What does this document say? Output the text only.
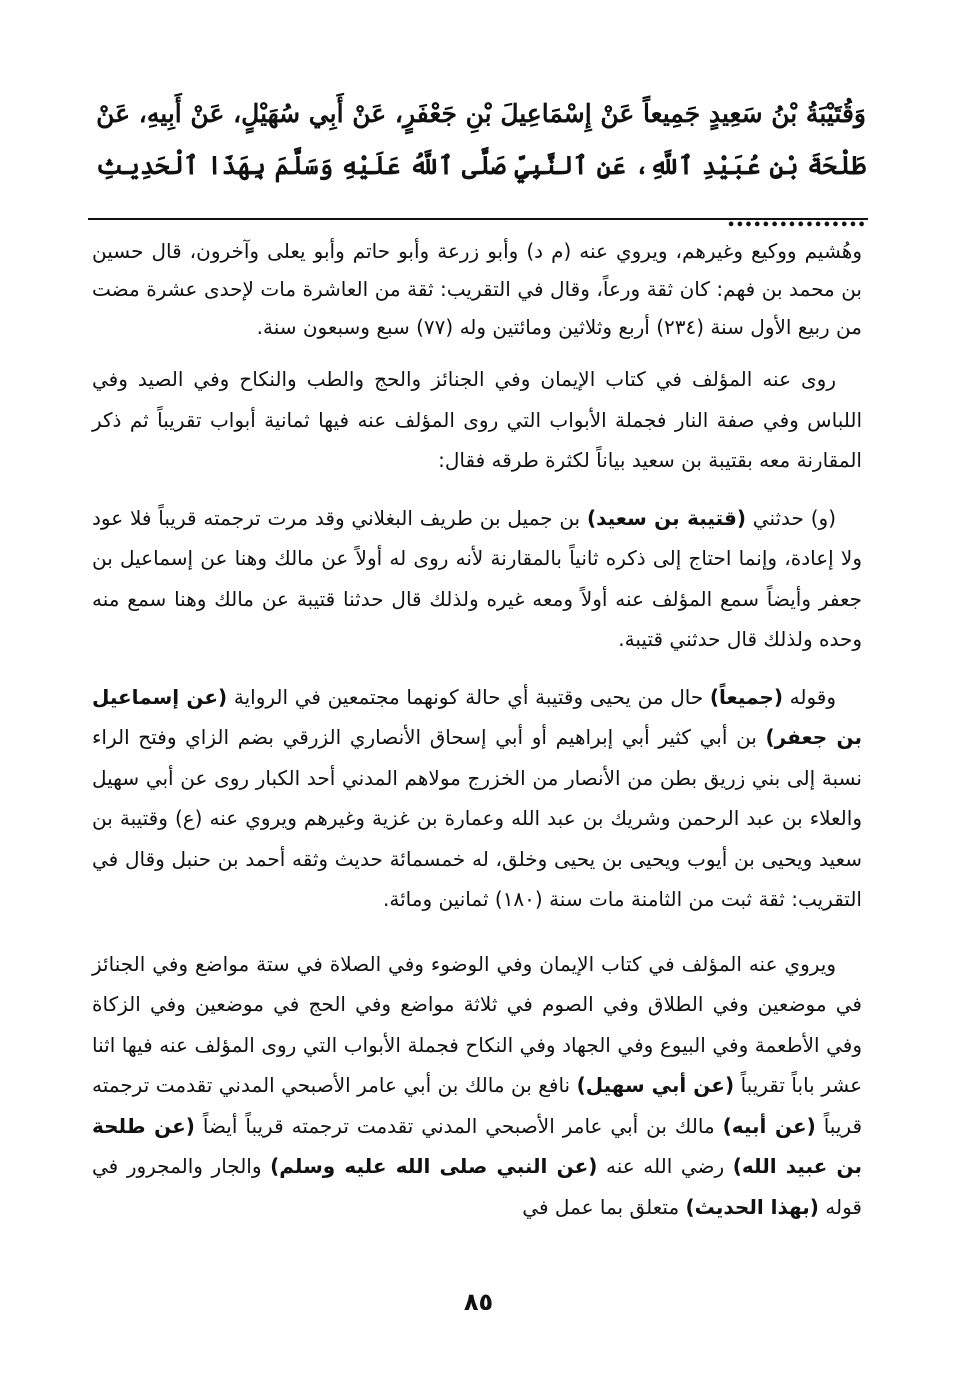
وَقُتَيْبَةُ بْنُ سَعِيدٍ جَمِيعاً عَنْ إِسْمَاعِيلَ بْنِ جَعْفَرٍ، عَنْ أَبِي سُهَيْلٍ، عَنْ أَبِيهِ، عَنْ
طَلْحَةَ بْنِ عُبَيْدِ ٱللَّهِ، عَنِ ٱلنَّبِيِّ صَلَّى ٱللَّهُ عَلَيْهِ وَسَلَّمَ بِهَذَا ٱلْحَدِيثِ ................

وهُشيم ووكيع وغيرهم، ويروي عنه (م د) وأبو زرعة وأبو حاتم وأبو يعلى وآخرون، قال حسين بن محمد بن فهم: كان ثقة ورعاً، وقال في التقريب: ثقة من العاشرة مات لإحدى عشرة مضت من ربيع الأول سنة (٢٣٤) أربع وثلاثين ومائتين وله (٧٧) سبع وسبعون سنة.

روى عنه المؤلف في كتاب الإيمان وفي الجنائز والحج والطب والنكاح وفي الصيد وفي اللباس وفي صفة النار فجملة الأبواب التي روى المؤلف عنه فيها ثمانية أبواب تقريباً ثم ذكر المقارنة معه بقتيبة بن سعيد بياناً لكثرة طرقه فقال:

(و) حدثني (قتيبة بن سعيد) بن جميل بن طريف البغلاني وقد مرت ترجمته قريباً فلا عود ولا إعادة، وإنما احتاج إلى ذكره ثانياً بالمقارنة لأنه روى له أولاً عن مالك وهنا عن إسماعيل بن جعفر وأيضاً سمع المؤلف عنه أولاً ومعه غيره ولذلك قال حدثنا قتيبة عن مالك وهنا سمع منه وحده ولذلك قال حدثني قتيبة.

وقوله (جميعاً) حال من يحيى وقتيبة أي حالة كونهما مجتمعين في الرواية (عن إسماعيل بن جعفر) بن أبي كثير أبي إبراهيم أو أبي إسحاق الأنصاري الزرقي بضم الزاي وفتح الراء نسبة إلى بني زريق بطن من الأنصار من الخزرج مولاهم المدني أحد الكبار روى عن أبي سهيل والعلاء بن عبد الرحمن وشريك بن عبد الله وعمارة بن غزية وغيرهم ويروي عنه (ع) وقتيبة بن سعيد ويحيى بن أيوب ويحيى بن يحيى وخلق، له خمسمائة حديث وثقه أحمد بن حنبل وقال في التقريب: ثقة ثبت من الثامنة مات سنة (١٨٠) ثمانين ومائة.

ويروي عنه المؤلف في كتاب الإيمان وفي الوضوء وفي الصلاة في ستة مواضع وفي الجنائز في موضعين وفي الطلاق وفي الصوم في ثلاثة مواضع وفي الحج في موضعين وفي الزكاة وفي الأطعمة وفي البيوع وفي الجهاد وفي النكاح فجملة الأبواب التي روى المؤلف عنه فيها اثنا عشر باباً تقريباً (عن أبي سهيل) نافع بن مالك بن أبي عامر الأصبحي المدني تقدمت ترجمته قريباً (عن أبيه) مالك بن أبي عامر الأصبحي المدني تقدمت ترجمته قريباً أيضاً (عن طلحة بن عبيد الله) رضي الله عنه (عن النبي صلى الله عليه وسلم) والجار والمجرور في قوله (بهذا الحديث) متعلق بما عمل في

٨٥
